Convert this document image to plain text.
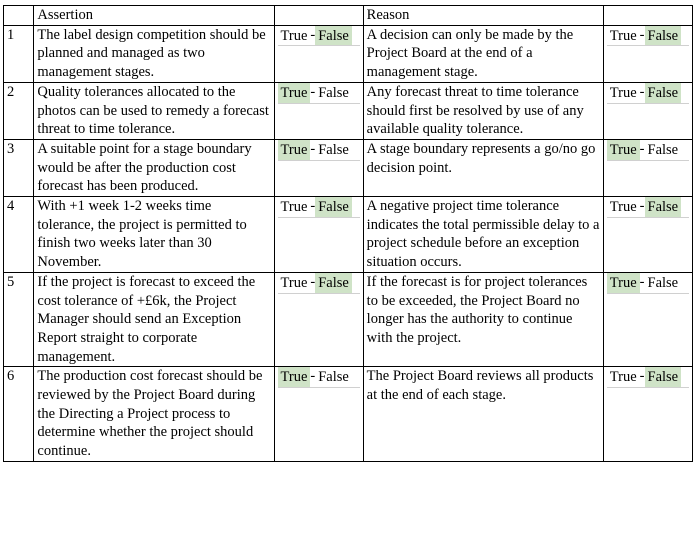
	Assertion		Reason	
1	The label design competition should be planned and managed as two management stages.	True - False	A decision can only be made by the Project Board at the end of a management stage.	True - False

2	Quality tolerances allocated to the photos can be used to remedy a forecast threat to time tolerance.	True - False	Any forecast threat to time tolerance should first be resolved by use of any available quality tolerance.	True - False

3	A suitable point for a stage boundary would be after the production cost forecast has been produced.	True - False	A stage boundary represents a go/no go decision point.	True - False

4	With +1 week 1-2 weeks time tolerance, the project is permitted to finish two weeks later than 30 November.	True - False	A negative project time tolerance indicates the total permissible delay to a project schedule before an exception situation occurs.	True - False

5	If the project is forecast to exceed the cost tolerance of +£6k, the Project Manager should send an Exception Report straight to corporate management.	True - False	If the forecast is for project tolerances to be exceeded, the Project Board no longer has the authority to continue with the project.	True - False

6	The production cost forecast should be reviewed by the Project Board during the Directing a Project process to determine whether the project should continue.	True - False	The Project Board reviews all products at the end of each stage.	True - False
